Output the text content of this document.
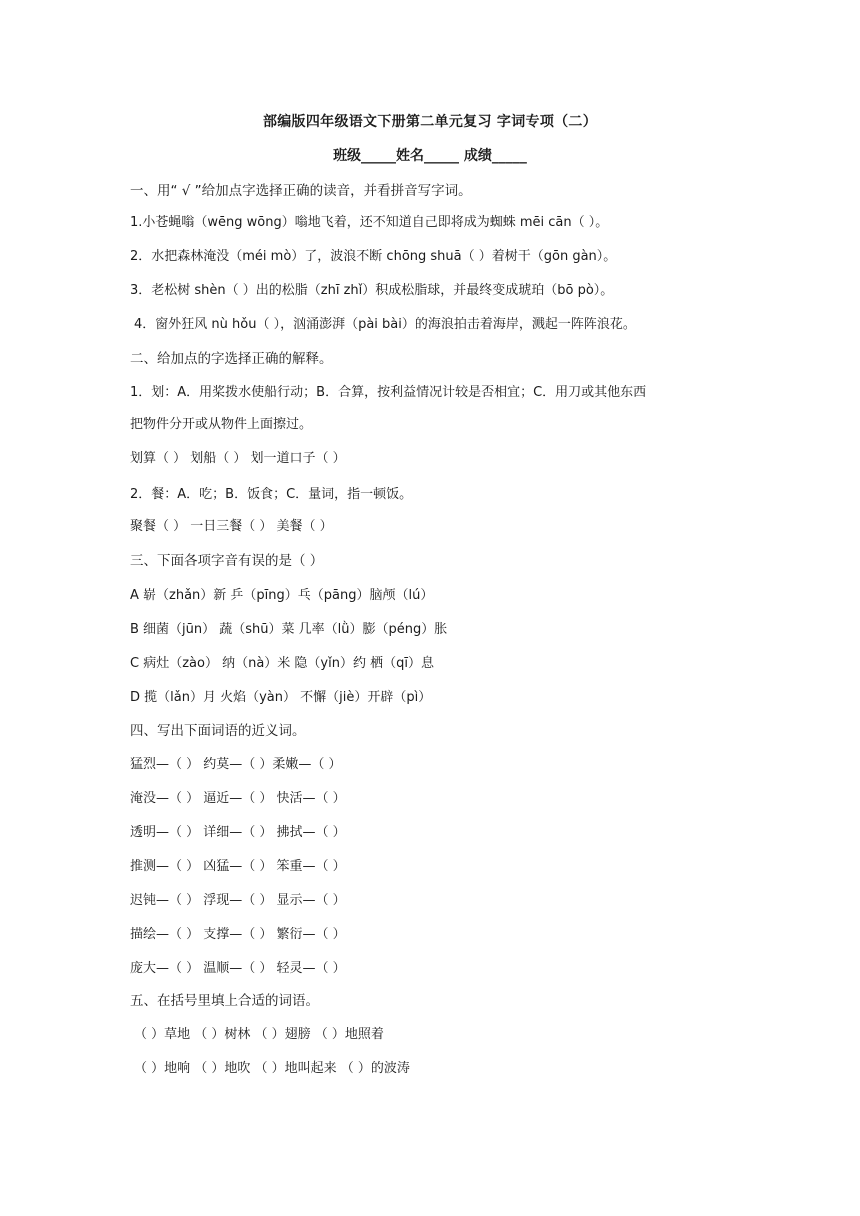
部编版四年级语文下册第二单元复习 字词专项（二）
班级_____姓名_____ 成绩_____
一、用“ √ ”给加点字选择正确的读音，并看拼音写字词。
1.小苍蝇嗡（wēng wōng）嗡地飞着，还不知道自己即将成为蜘蛛 mēi cān（ ）。
2．水把森林淹没（méi mò）了，波浪不断 chōng shuā（ ）着树干（gōn gàn）。
3．老松树 shèn（ ）出的松脂（zhī zhǐ）积成松脂球，并最终变成琥珀（bō pò）。
4．窗外狂风 nù hǒu（ ），汹涌澎湃（pài bài）的海浪拍击着海岸，溅起一阵阵浪花。
二、给加点的字选择正确的解释。
1．划：A．用桨拨水使船行动；B．合算，按利益情况计较是否相宜；C．用刀或其他东西
把物件分开或从物件上面擦过。
划算（ ） 划船（ ） 划一道口子（ ）
2．餐：A．吃；B．饭食；C．量词，指一顿饭。
聚餐（ ） 一日三餐（ ） 美餐（ ）
三、下面各项字音有误的是（ ）
A 崭（zhǎn）新 乒（pīng）乓（pāng）脑颅（lú）
B 细菌（jūn） 蔬（shū）菜 几率（lǜ）膨（péng）胀
C 病灶（zào） 纳（nà）米 隐（yǐn）约 栖（qī）息
D 揽（lǎn）月 火焰（yàn） 不懈（jiè）开辟（pì）
四、写出下面词语的近义词。
猛烈—（ ） 约莫—（ ）柔嫩—（ ）
淹没—（ ） 逼近—（ ） 快活—（ ）
透明—（ ） 详细—（ ） 拂拭—（ ）
推测—（ ） 凶猛—（ ） 笨重—（ ）
迟钝—（ ） 浮现—（ ） 显示—（ ）
描绘—（ ） 支撑—（ ） 繁衍—（ ）
庞大—（ ） 温顺—（ ） 轻灵—（ ）
五、在括号里填上合适的词语。
（ ）草地 （ ）树林 （ ）翅膀 （ ）地照着
（ ）地响 （ ）地吹 （ ）地叫起来 （ ）的波涛
